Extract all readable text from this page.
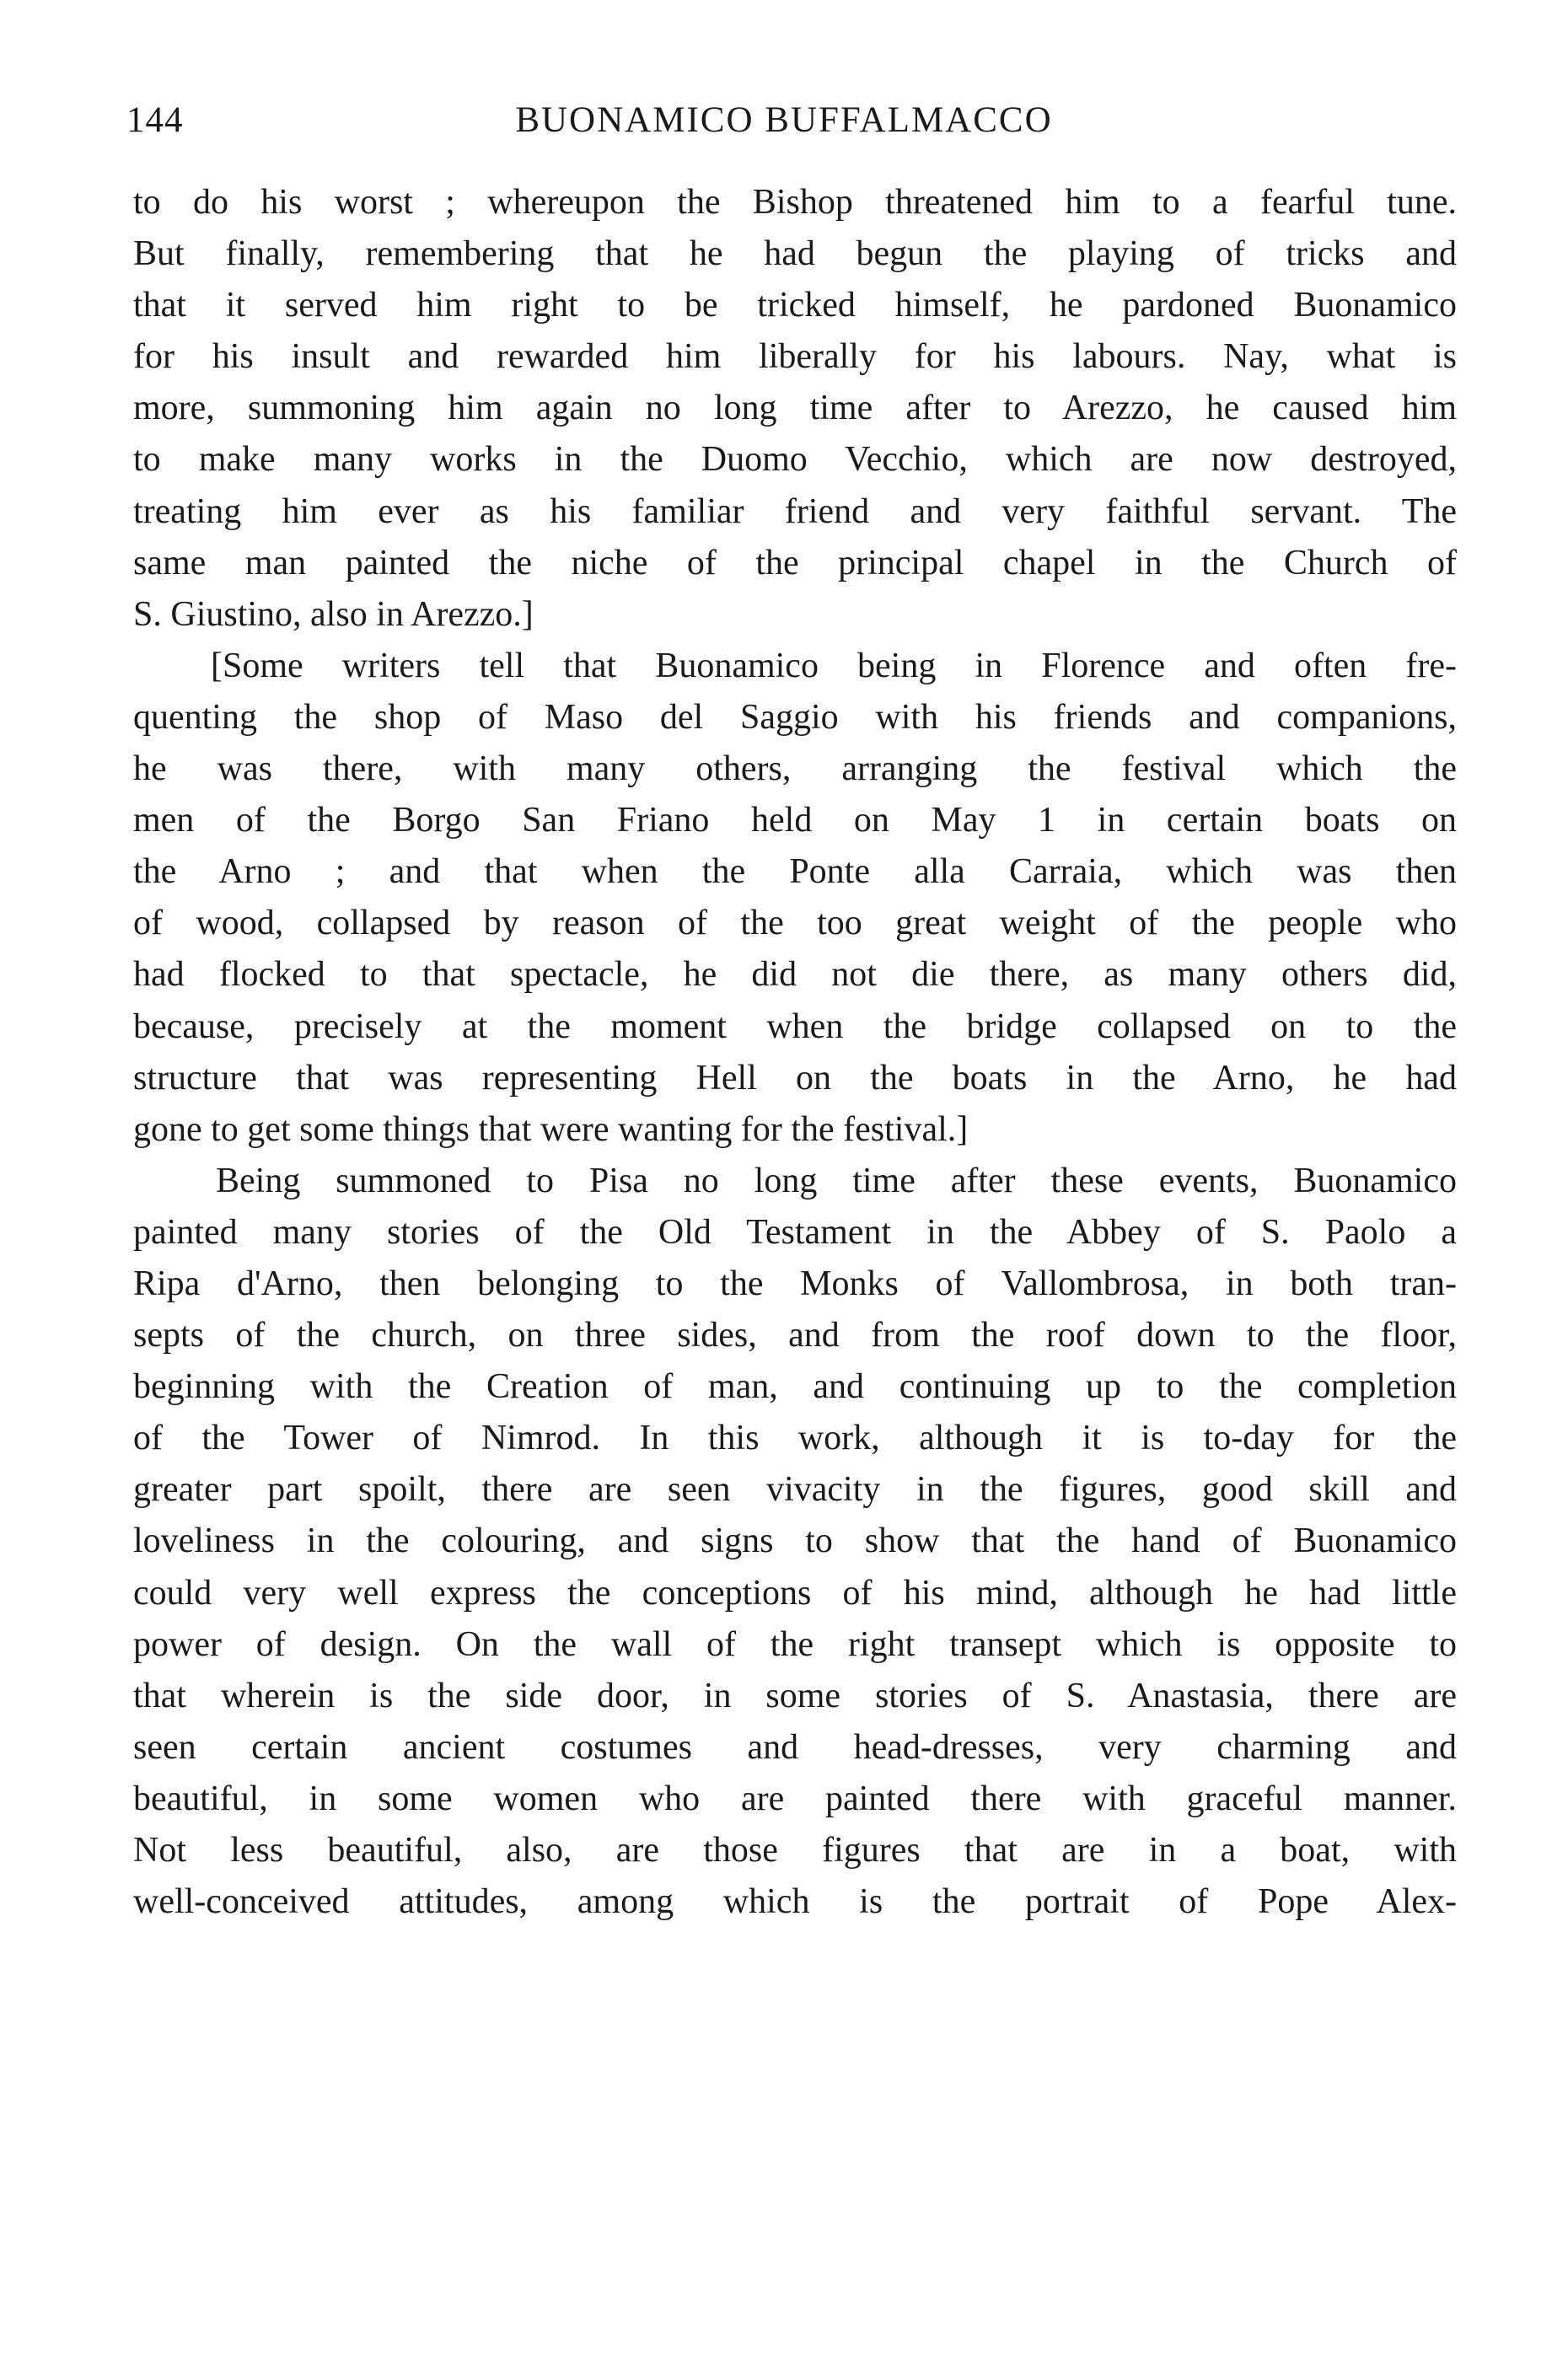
144	BUONAMICO BUFFALMACCO
to do his worst ; whereupon the Bishop threatened him to a fearful tune.
But finally, remembering that he had begun the playing of tricks and
that it served him right to be tricked himself, he pardoned Buonamico
for his insult and rewarded him liberally for his labours. Nay, what is
more, summoning him again no long time after to Arezzo, he caused him
to make many works in the Duomo Vecchio, which are now destroyed,
treating him ever as his familiar friend and very faithful servant. The
same man painted the niche of the principal chapel in the Church of
S. Giustino, also in Arezzo.]
[Some writers tell that Buonamico being in Florence and often fre-
quenting the shop of Maso del Saggio with his friends and companions,
he was there, with many others, arranging the festival which the
men of the Borgo San Friano held on May 1 in certain boats on
the Arno ; and that when the Ponte alla Carraia, which was then
of wood, collapsed by reason of the too great weight of the people who
had flocked to that spectacle, he did not die there, as many others did,
because, precisely at the moment when the bridge collapsed on to the
structure that was representing Hell on the boats in the Arno, he had
gone to get some things that were wanting for the festival.]
Being summoned to Pisa no long time after these events, Buonamico
painted many stories of the Old Testament in the Abbey of S. Paolo a
Ripa d'Arno, then belonging to the Monks of Vallombrosa, in both tran-
septs of the church, on three sides, and from the roof down to the floor,
beginning with the Creation of man, and continuing up to the completion
of the Tower of Nimrod. In this work, although it is to-day for the
greater part spoilt, there are seen vivacity in the figures, good skill and
loveliness in the colouring, and signs to show that the hand of Buonamico
could very well express the conceptions of his mind, although he had little
power of design. On the wall of the right transept which is opposite to
that wherein is the side door, in some stories of S. Anastasia, there are
seen certain ancient costumes and head-dresses, very charming and
beautiful, in some women who are painted there with graceful manner.
Not less beautiful, also, are those figures that are in a boat, with
well-conceived attitudes, among which is the portrait of Pope Alex-
